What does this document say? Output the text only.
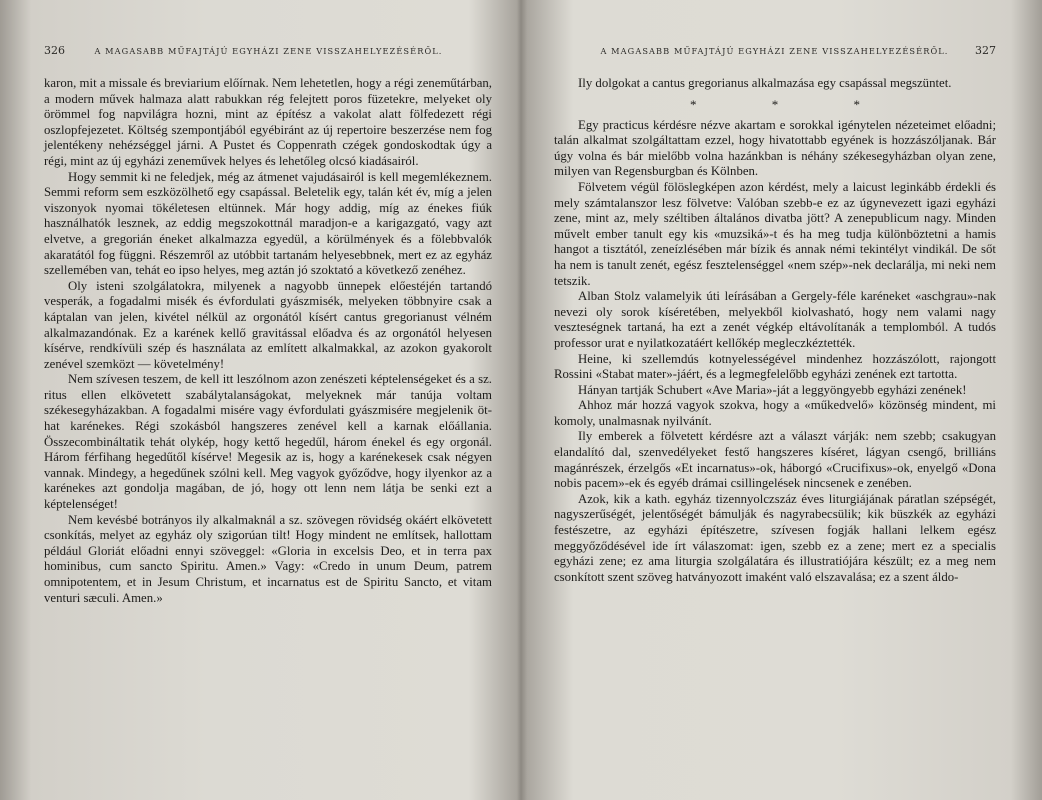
326	A MAGASABB MŰFAJTÁJÚ EGYHÁZI ZENE VISSZAHELYEZÉSÉRŐL.

karon, mit a missale és breviarium előírnak. Nem lehetetlen, hogy a régi zeneműtárban, a modern művek halmaza alatt rabukkan rég felejtett poros füzetekre, melyeket oly örömmel fog napvilágra hozni, mint az építész a vakolat alatt fölfedezett régi oszlopfejezetet. Költség szempontjából egyébiránt az új repertoire beszerzése nem fog jelentékeny nehézséggel járni. A Pustet és Coppenrath czégek gondoskodtak úgy a régi, mint az új egyházi zeneművek helyes és lehetőleg olcsó kiadásairól.

Hogy semmit ki ne feledjek, még az átmenet vajudásairól is kell megemlékeznem. Semmi reform sem eszközölhető egy csapással. Beletelik egy, talán két év, míg a jelen viszonyok nyomai tökéletesen eltünnek. Már hogy addig, míg az énekes fiúk használhatók lesznek, az eddig megszokottnál maradjon-e a karigazgató, vagy azt elvetve, a gregorián éneket alkalmazza egyedül, a körülmények és a fölebbvalók akaratától fog függni. Részemről az utóbbit tartanám helyesebbnek, mert ez az egyház szellemében van, tehát eo ipso helyes, meg aztán jó szoktató a következő zenéhez.

Oly isteni szolgálatokra, milyenek a nagyobb ünnepek előestéjén tartandó vesperák, a fogadalmi misék és évfordulati gyászmisék, melyeken többnyire csak a káptalan van jelen, kivétel nélkül az orgonától kísért cantus gregorianust vélném alkalmazandónak. Ez a karének kellő gravitással előadva és az orgonától helyesen kísérve, rendkívüli szép és használata az említett alkalmakkal, az azokon gyakorolt zenével szemközt — követelmény!

Nem szívesen teszem, de kell itt leszólnom azon zenészeti képtelenségeket és a sz. ritus ellen elkövetett szabálytalanságokat, melyeknek már tanúja voltam székesegyházakban. A fogadalmi misére vagy évfordulati gyászmisére megjelenik öt-hat karénekes. Régi szokásból hangszeres zenével kell a karnak előállania. Összecombináltatik tehát olykép, hogy kettő hegedűl, három énekel és egy orgonál. Három férfihang hegedűtől kísérve! Megesik az is, hogy a karénekesek csak négyen vannak. Mindegy, a hegedűnek szólni kell. Meg vagyok győződve, hogy ilyenkor az a karénekes azt gondolja magában, de jó, hogy ott lenn nem látja be senki ezt a képtelenséget!

Nem kevésbé botrányos ily alkalmaknál a sz. szövegen rövidség okáért elkövetett csonkítás, melyet az egyház oly szigorúan tilt! Hogy mindent ne említsek, hallottam például Gloriát előadni ennyi szöveggel: «Gloria in excelsis Deo, et in terra pax hominibus, cum sancto Spiritu. Amen.» Vagy: «Credo in unum Deum, patrem omnipotentem, et in Jesum Christum, et incarnatus est de Spiritu Sancto, et vitam venturi sæculi. Amen.»

A MAGASABB MŰFAJTÁJÚ EGYHÁZI ZENE VISSZAHELYEZÉSÉRŐL. 327

Ily dolgokat a cantus gregorianus alkalmazása egy csapással megszüntet.

* * *

Egy practicus kérdésre nézve akartam e sorokkal igénytelen nézeteimet előadni; talán alkalmat szolgáltattam ezzel, hogy hivatottabb egyének is hozzászóljanak. Bár úgy volna és bár mielőbb volna hazánkban is néhány székesegyházban olyan zene, milyen van Regensburgban és Kölnben.

Fölvetem végül fölöslegképen azon kérdést, mely a laicust leginkább érdekli és mely számtalanszor lesz fölvetve: Valóban szebb-e ez az úgynevezett igazi egyházi zene, mint az, mely széltiben általános divatba jött? A zenepublicum nagy. Minden művelt ember tanult egy kis «muzsiká»-t és ha meg tudja különböztetni a hamis hangot a tisztától, zeneízlésében már bízik és annak némi tekintélyt vindikál. De sőt ha nem is tanult zenét, egész fesztelenséggel «nem szép»-nek declarálja, mi neki nem tetszik.

Alban Stolz valamelyik úti leírásában a Gergely-féle karéneket «aschgrau»-nak nevezi oly sorok kíséretében, melyekből kiolvasható, hogy nem valami nagy veszteségnek tartaná, ha ezt a zenét végkép eltávolítanák a templomból. A tudós professor urat e nyilatkozatáért kellőkép megleczkéztették.

Heine, ki szellemdús kotnyelességével mindenhez hozzászólott, rajongott Rossini «Stabat mater»-jáért, és a legmegfelelőbb egyházi zenének ezt tartotta.

Hányan tartják Schubert «Ave Maria»-ját a leggyöngyebb egyházi zenének!

Ahhoz már hozzá vagyok szokva, hogy a «műkedvelő» közönség mindent, mi komoly, unalmasnak nyilvánít.

Ily emberek a fölvetett kérdésre azt a választ várják: nem szebb; csakugyan elandalító dal, szenvedélyeket festő hangszeres kíséret, lágyan csengő, brilliáns magánrészek, érzelgős «Et incarnatus»-ok, háborgó «Crucifixus»-ok, enyelgő «Dona nobis pacem»-ek és egyéb drámai csillingelések nincsenek e zenében.

Azok, kik a kath. egyház tizennyolczszáz éves liturgiájának páratlan szépségét, nagyszerűségét, jelentőségét bámulják és nagyrabecsülik; kik büszkék az egyházi festészetre, az egyházi építészetre, szívesen fogják hallani lelkem egész meggyőződésével ide írt válaszomat: igen, szebb ez a zene; mert ez a specialis egyházi zene; ez ama liturgia szolgálatára és illustratiójára készült; ez a meg nem csonkított szent szöveg hatványozott imaként való elszavalása; ez a szent áldo-
